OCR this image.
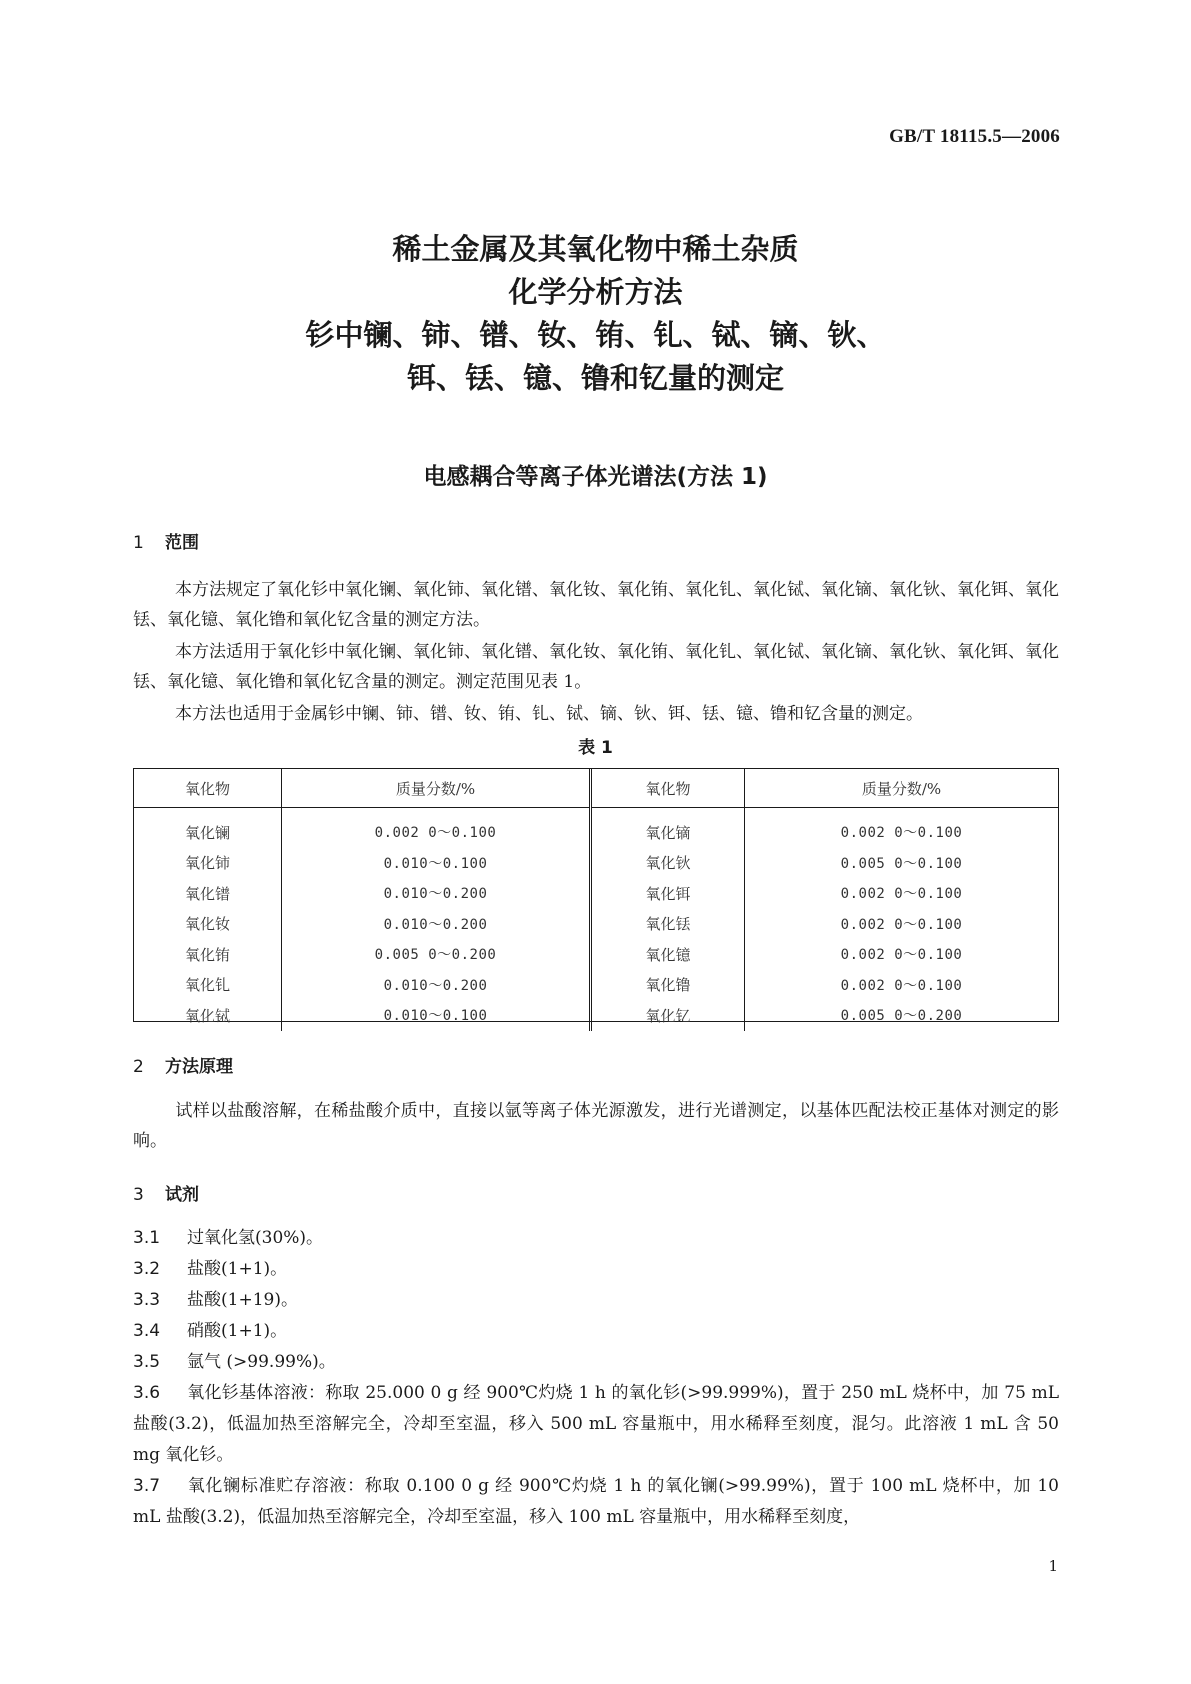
GB/T 18115.5—2006
稀土金属及其氧化物中稀土杂质
化学分析方法
钐中镧、铈、镨、钕、铕、钆、铽、镝、钬、
铒、铥、镱、镥和钇量的测定
电感耦合等离子体光谱法(方法 1)
1 范围
本方法规定了氧化钐中氧化镧、氧化铈、氧化镨、氧化钕、氧化铕、氧化钆、氧化铽、氧化镝、氧化钬、氧化铒、氧化铥、氧化镱、氧化镥和氧化钇含量的测定方法。
本方法适用于氧化钐中氧化镧、氧化铈、氧化镨、氧化钕、氧化铕、氧化钆、氧化铽、氧化镝、氧化钬、氧化铒、氧化铥、氧化镱、氧化镥和氧化钇含量的测定。测定范围见表 1。
本方法也适用于金属钐中镧、铈、镨、钕、铕、钆、铽、镝、钬、铒、铥、镱、镥和钇含量的测定。
表 1
氧化物	质量分数/%	氧化物	质量分数/%
氧化镧	0.002 0～0.100	氧化镝	0.002 0～0.100
氧化铈	0.010～0.100	氧化钬	0.005 0～0.100
氧化镨	0.010～0.200	氧化铒	0.002 0～0.100
氧化钕	0.010～0.200	氧化铥	0.002 0～0.100
氧化铕	0.005 0～0.200	氧化镱	0.002 0～0.100
氧化钆	0.010～0.200	氧化镥	0.002 0～0.100
氧化铽	0.010～0.100	氧化钇	0.005 0～0.200
2 方法原理
试样以盐酸溶解，在稀盐酸介质中，直接以氩等离子体光源激发，进行光谱测定，以基体匹配法校正基体对测定的影响。
3 试剂
3.1 过氧化氢(30%)。
3.2 盐酸(1+1)。
3.3 盐酸(1+19)。
3.4 硝酸(1+1)。
3.5 氩气 (>99.99%)。
3.6 氧化钐基体溶液：称取 25.000 0 g 经 900℃灼烧 1 h 的氧化钐(>99.999%)，置于 250 mL 烧杯中，加 75 mL 盐酸(3.2)，低温加热至溶解完全，冷却至室温，移入 500 mL 容量瓶中，用水稀释至刻度，混匀。此溶液 1 mL 含 50 mg 氧化钐。
3.7 氧化镧标准贮存溶液：称取 0.100 0 g 经 900℃灼烧 1 h 的氧化镧(>99.99%)，置于 100 mL 烧杯中，加 10 mL 盐酸(3.2)，低温加热至溶解完全，冷却至室温，移入 100 mL 容量瓶中，用水稀释至刻度，
1
